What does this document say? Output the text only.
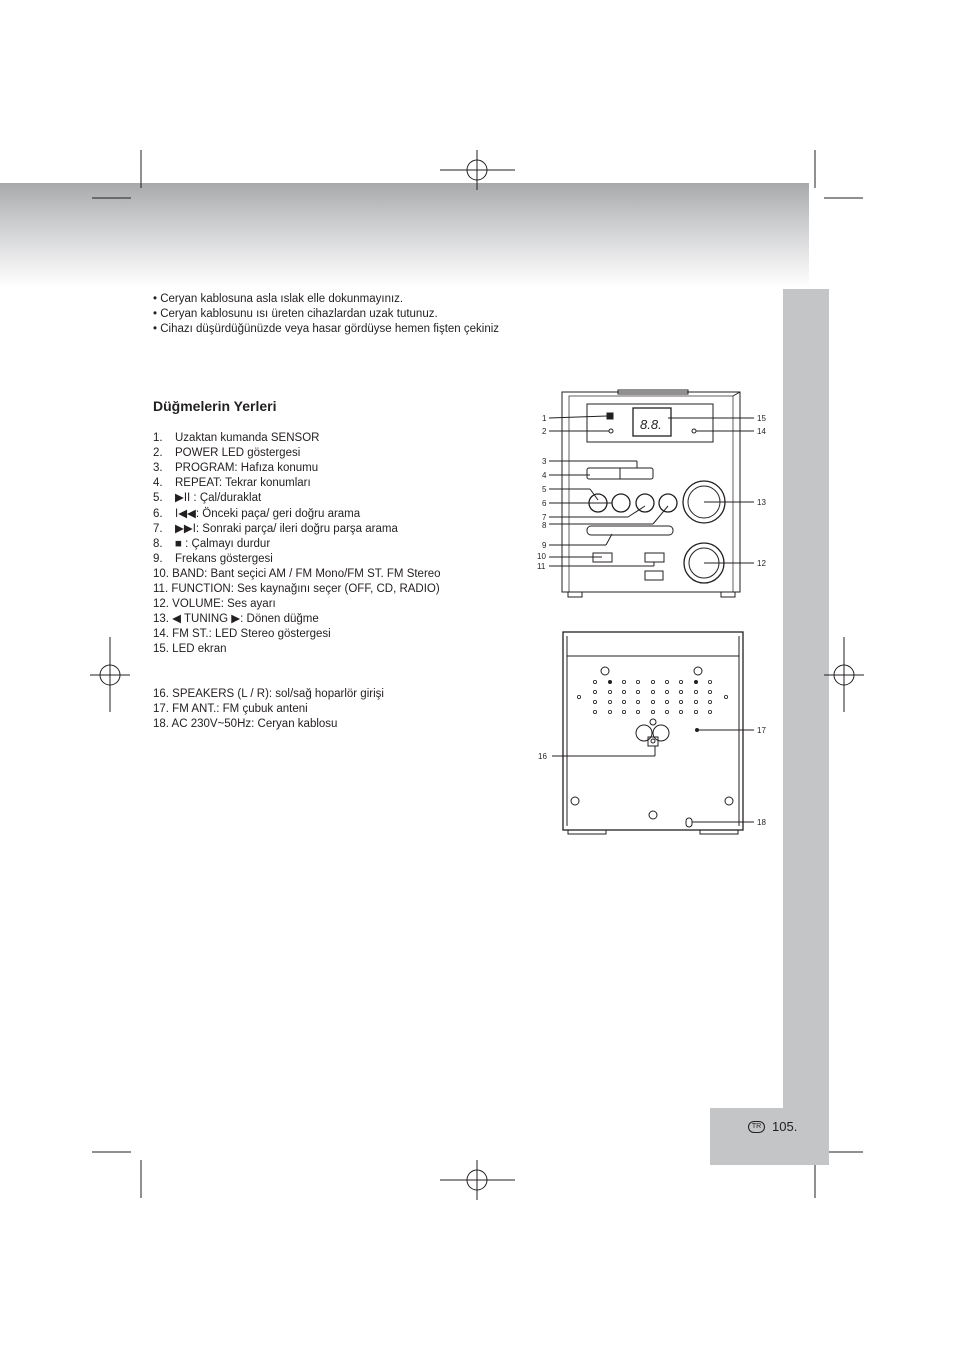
• Ceryan kablosuna asla ıslak elle dokunmayınız.
• Ceryan kablosunu ısı üreten cihazlardan uzak tutunuz.
• Cihazı düşürdüğünüzde veya hasar gördüyse hemen fişten çekiniz
Düğmelerin Yerleri
1. Uzaktan kumanda SENSOR
2. POWER LED göstergesi
3. PROGRAM: Hafıza konumu
4. REPEAT: Tekrar konumları
5. ▶II : Çal/duraklat
6. I◀◀: Önceki paça/ geri doğru arama
7. ▶▶I: Sonraki parça/ ileri doğru parşa arama
8. ■ : Çalmayı durdur
9. Frekans göstergesi
10. BAND: Bant seçici AM / FM Mono/FM ST. FM Stereo
11. FUNCTION: Ses kaynağını seçer (OFF, CD, RADIO)
12. VOLUME: Ses ayarı
13. ◀ TUNING ▶: Dönen düğme
14. FM ST.: LED Stereo göstergesi
15. LED ekran
16. SPEAKERS (L / R): sol/sağ hoparlör girişi
17. FM ANT.: FM çubuk anteni
18. AC 230V~50Hz: Ceryan kablosu
8.8.
1
2
3
4
5
6
7
8
9
10
11
15
14
13
12
16
17
18
TR 105.
